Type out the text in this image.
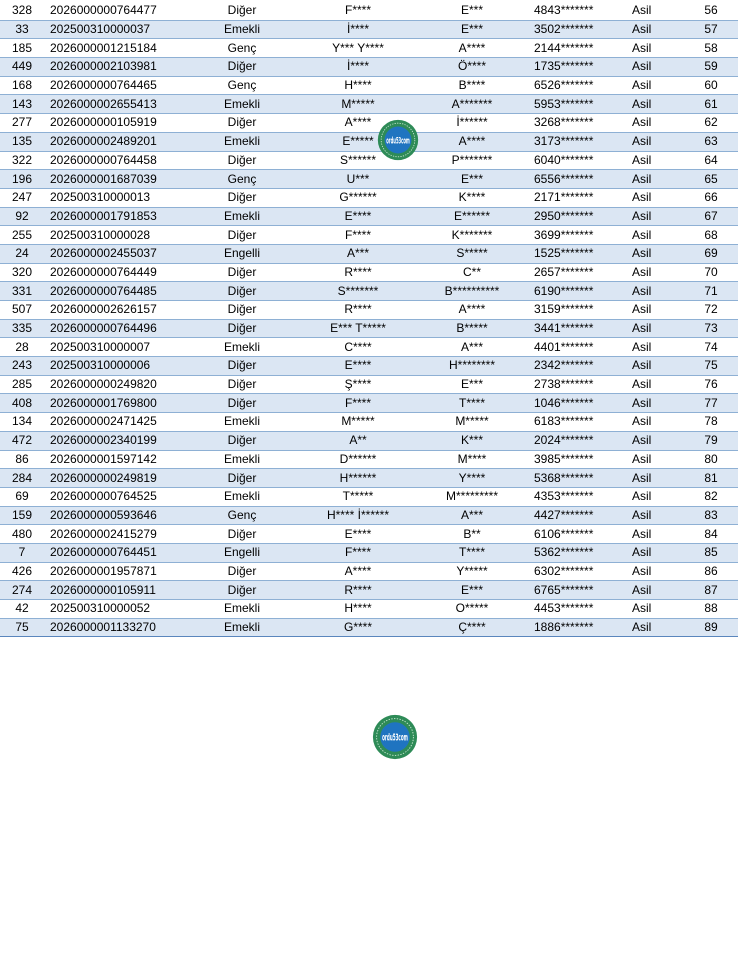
328	2026000000764477	Diğer	F****	E***	4843*******	Asil	56
33	202500310000037	Emekli	İ****	E***	3502*******	Asil	57
185	2026000001215184	Genç	Y*** Y****	A****	2144*******	Asil	58
449	2026000002103981	Diğer	İ****	Ö****	1735*******	Asil	59
168	2026000000764465	Genç	H****	B****	6526*******	Asil	60
143	2026000002655413	Emekli	M*****	A*******	5953*******	Asil	61
277	2026000000105919	Diğer	A****	İ******	3268*******	Asil	62
135	2026000002489201	Emekli	E*****	A****	3173*******	Asil	63
322	2026000000764458	Diğer	S******	P*******	6040*******	Asil	64
196	2026000001687039	Genç	U***	E***	6556*******	Asil	65
247	202500310000013	Diğer	G******	K****	2171*******	Asil	66
92	2026000001791853	Emekli	E****	E******	2950*******	Asil	67
255	202500310000028	Diğer	F****	K*******	3699*******	Asil	68
24	2026000002455037	Engelli	A***	S*****	1525*******	Asil	69
320	2026000000764449	Diğer	R****	C**	2657*******	Asil	70
331	2026000000764485	Diğer	S*******	B**********	6190*******	Asil	71
507	2026000002626157	Diğer	R****	A****	3159*******	Asil	72
335	2026000000764496	Diğer	E*** T*****	B*****	3441*******	Asil	73
28	202500310000007	Emekli	C****	A***	4401*******	Asil	74
243	202500310000006	Diğer	E****	H********	2342*******	Asil	75
285	2026000000249820	Diğer	Ş****	E***	2738*******	Asil	76
408	2026000001769800	Diğer	F****	T****	1046*******	Asil	77
134	2026000002471425	Emekli	M*****	M*****	6183*******	Asil	78
472	2026000002340199	Diğer	A**	K***	2024*******	Asil	79
86	2026000001597142	Emekli	D******	M****	3985*******	Asil	80
284	2026000000249819	Diğer	H******	Y****	5368*******	Asil	81
69	2026000000764525	Emekli	T*****	M*********	4353*******	Asil	82
159	2026000000593646	Genç	H**** İ******	A***	4427*******	Asil	83
480	2026000002415279	Diğer	E****	B**	6106*******	Asil	84
7	2026000000764451	Engelli	F****	T****	5362*******	Asil	85
426	2026000001957871	Diğer	A****	Y*****	6302*******	Asil	86
274	2026000000105911	Diğer	R****	E***	6765*******	Asil	87
42	202500310000052	Emekli	H****	O*****	4453*******	Asil	88
75	2026000001133270	Emekli	G****	Ç****	1886*******	Asil	89
ordu53com
ordu53com
